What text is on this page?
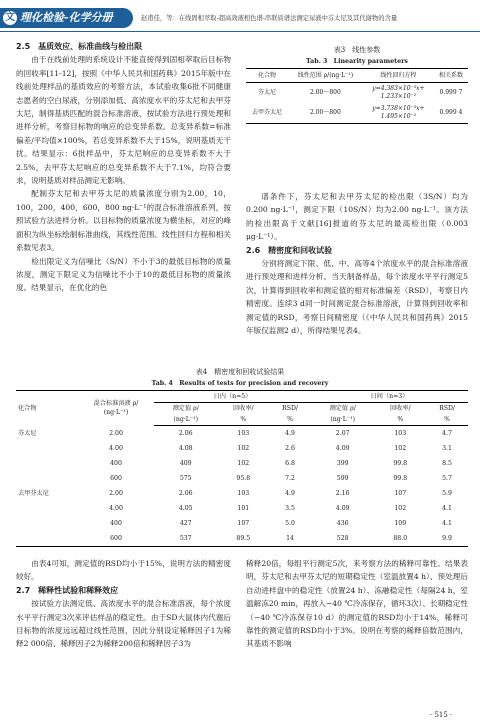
文 理化检验-化学分册	赵甫佳，等：在线固相萃取-超高效液相色谱-串联质谱法测定尿液中芬太尼及其代谢物的含量

2.5　基质效应、标准曲线与检出限

由于在线前处理的系统设计不能直接得到固相萃取后目标物的回收率[11-12]，按照《中华人民共和国药典》2015年版中在线前处理样品的基质效应的考察方法，本试验收集6批不同健康志愿者的空白尿液，分别添加低、高浓度水平的芬太尼和去甲芬太尼，制得基质匹配的混合标准溶液，按试验方法进行预处理和进样分析，考察目标物的响应的总变异系数。总变异系数=标准偏差/平均值×100%，若总变异系数不大于15%，说明基质无干扰。结果显示：6批样品中，芬太尼响应的总变异系数不大于2.5%，去甲芬太尼响应的总变异系数不大于7.1%，均符合要求，说明基质对样品测定无影响。

配制芬太尼和去甲芬太尼的质量浓度分别为2.00，10，100，200，400，600，800 ng·L⁻¹的混合标准溶液系列，按照试验方法进样分析。以目标物的质量浓度为横坐标，对应的峰面积为纵坐标绘制标准曲线，其线性范围、线性回归方程和相关系数见表3。

检出限定义为信噪比（S/N）不小于3的最低目标物的质量浓度，测定下限定义为信噪比不小于10的最低目标物的质量浓度。结果显示，在优化的色

表3　线性参数
Tab. 3　Linearity parameters
化合物	线性范围 ρ/(ng·L⁻¹)	线性回归方程	相关系数
芬太尼	2.00～800	y=4.383×10⁻³x+
1.233×10⁻²	0.999 7
去甲芬太尼	2.00～800	y=3.738×10⁻³x+
1.495×10⁻²	0.999 4

谱条件下，芬太尼和去甲芬太尼的检出限（3S/N）均为0.200 ng·L⁻¹，测定下限（10S/N）均为2.00 ng·L⁻¹。该方法的检出限高于文献[16]报道的芬太尼的最高检出限（0.003 μg·L⁻¹）。

2.6　精密度和回收试验

分别将测定下限、低、中、高等4个浓度水平的混合标准溶液进行预处理和进样分析。当天制备样品，每个浓度水平平行测定5次，计算得到回收率和测定值的相对标准偏差（RSD），考察日内精密度。连续3 d同一时间测定混合标准溶液，计算得到回收率和测定值的RSD，考察日间精密度（《中华人民共和国药典》2015年版仅监测2 d），所得结果见表4。

表4　精密度和回收试验结果
Tab. 4　Results of tests for precision and recovery
化合物	混合标准溶液 ρ/
(ng·L⁻¹)	日内（n=5）			日间（n=3）		
		测定值 ρ/	回收率/	RSD/	测定值 ρ/	回收率/	RSD/
		(ng·L⁻¹)	%	%	(ng·L⁻¹)	%	%
芬太尼	2.00	2.06	103	4.9	2.07	103	4.7
	4.00	4.08	102	2.6	4.09	102	3.1
	400	409	102	6.8	399	99.8	8.5
	600	575	95.8	7.2	599	99.8	5.7
去甲芬太尼	2.00	2.06	103	4.9	2.16	107	5.9
	4.00	4.05	101	3.5	4.09	102	4.1
	400	427	107	5.0	436	109	4.1
	600	537	89.5	14	528	88.0	9.9

由表4可知，测定值的RSD均小于15%，说明方法的精密度较好。

2.7　稀释性试验和稀释效应

按试验方法测定低、高浓度水平的混合标准溶液，每个浓度水平平行测定3次来评估样品的稳定性。由于SD大鼠体内代谢后目标物的浓度远远超过线性范围，因此分别设定稀释因子1为稀释2 000倍、稀释因子2为稀释200倍和稀释因子3为

稀释20倍，每组平行测定5次，来考察方法的稀释可靠性。结果表明，芬太尼和去甲芬太尼的短期稳定性（室温放置4 h）、预处理后自动进样盘中的稳定性（放置24 h）、冻融稳定性（每隔24 h，室温解冻20 min，再放入−40 ℃冷冻保存，循环3次）、长期稳定性（−40 ℃冷冻保存10 d）的测定值的RSD均小于14%，稀释可靠性的测定值的RSD均小于3%。说明在考察的稀释倍数范围内，其基质不影响

· 515 ·
